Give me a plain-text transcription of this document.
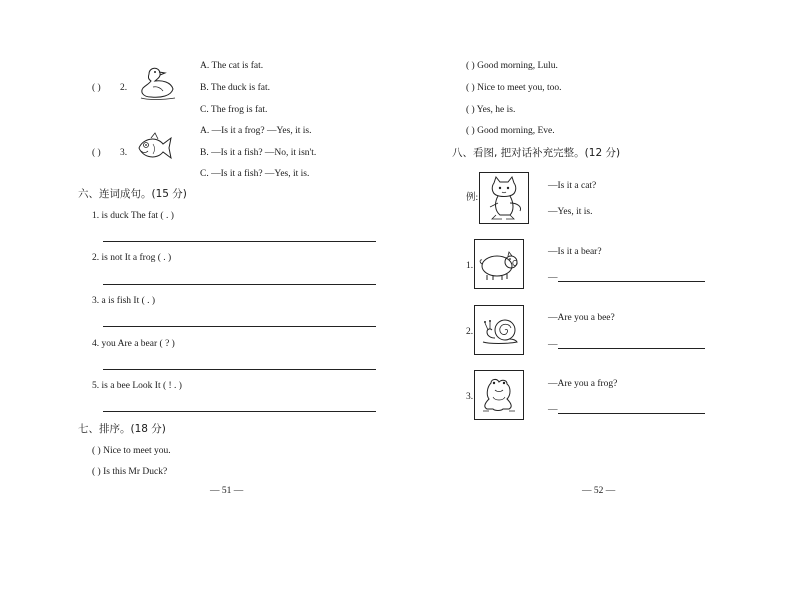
( ) 2.
A. The cat is fat.
B. The duck is fat.
C. The frog is fat.
( ) 3.
A. —Is it a frog? —Yes, it is.
B. —Is it a fish? —No, it isn't.
C. —Is it a fish? —Yes, it is.
六、连词成句。(15 分)
1. is duck The fat ( . )
2. is not It a frog ( . )
3. a is fish It ( . )
4. you Are a bear ( ? )
5. is a bee Look It ( ! . )
七、排序。(18 分)
( ) Nice to meet you.
( ) Is this Mr Duck?
— 51 —
( ) Good morning, Lulu.
( ) Nice to meet you, too.
( ) Yes, he is.
( ) Good morning, Eve.
八、看图, 把对话补充完整。(12 分)
例:
—Is it a cat?
—Yes, it is.
1.
—Is it a bear?
—
2.
—Are you a bee?
—
3.
—Are you a frog?
—
— 52 —
